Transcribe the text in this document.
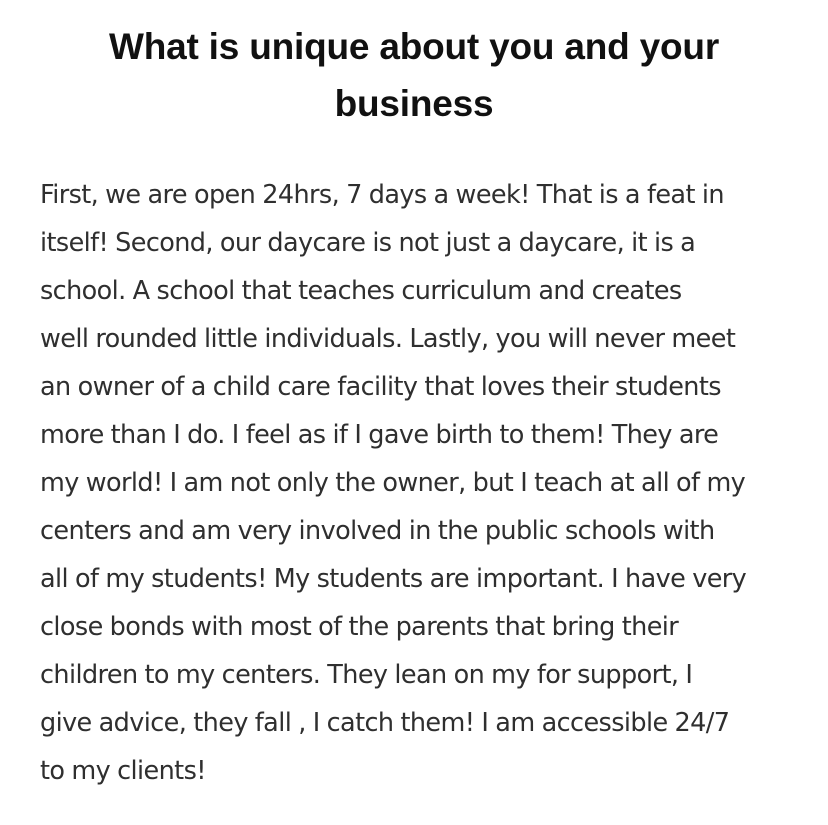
What is unique about you and your business

First, we are open 24hrs, 7 days a week! That is a feat in
itself! Second, our daycare is not just a daycare, it is a
school. A school that teaches curriculum and creates
well rounded little individuals. Lastly, you will never meet
an owner of a child care facility that loves their students
more than I do. I feel as if I gave birth to them! They are
my world! I am not only the owner, but I teach at all of my
centers and am very involved in the public schools with
all of my students! My students are important. I have very
close bonds with most of the parents that bring their
children to my centers. They lean on my for support, I
give advice, they fall , I catch them! I am accessible 24/7
to my clients!
